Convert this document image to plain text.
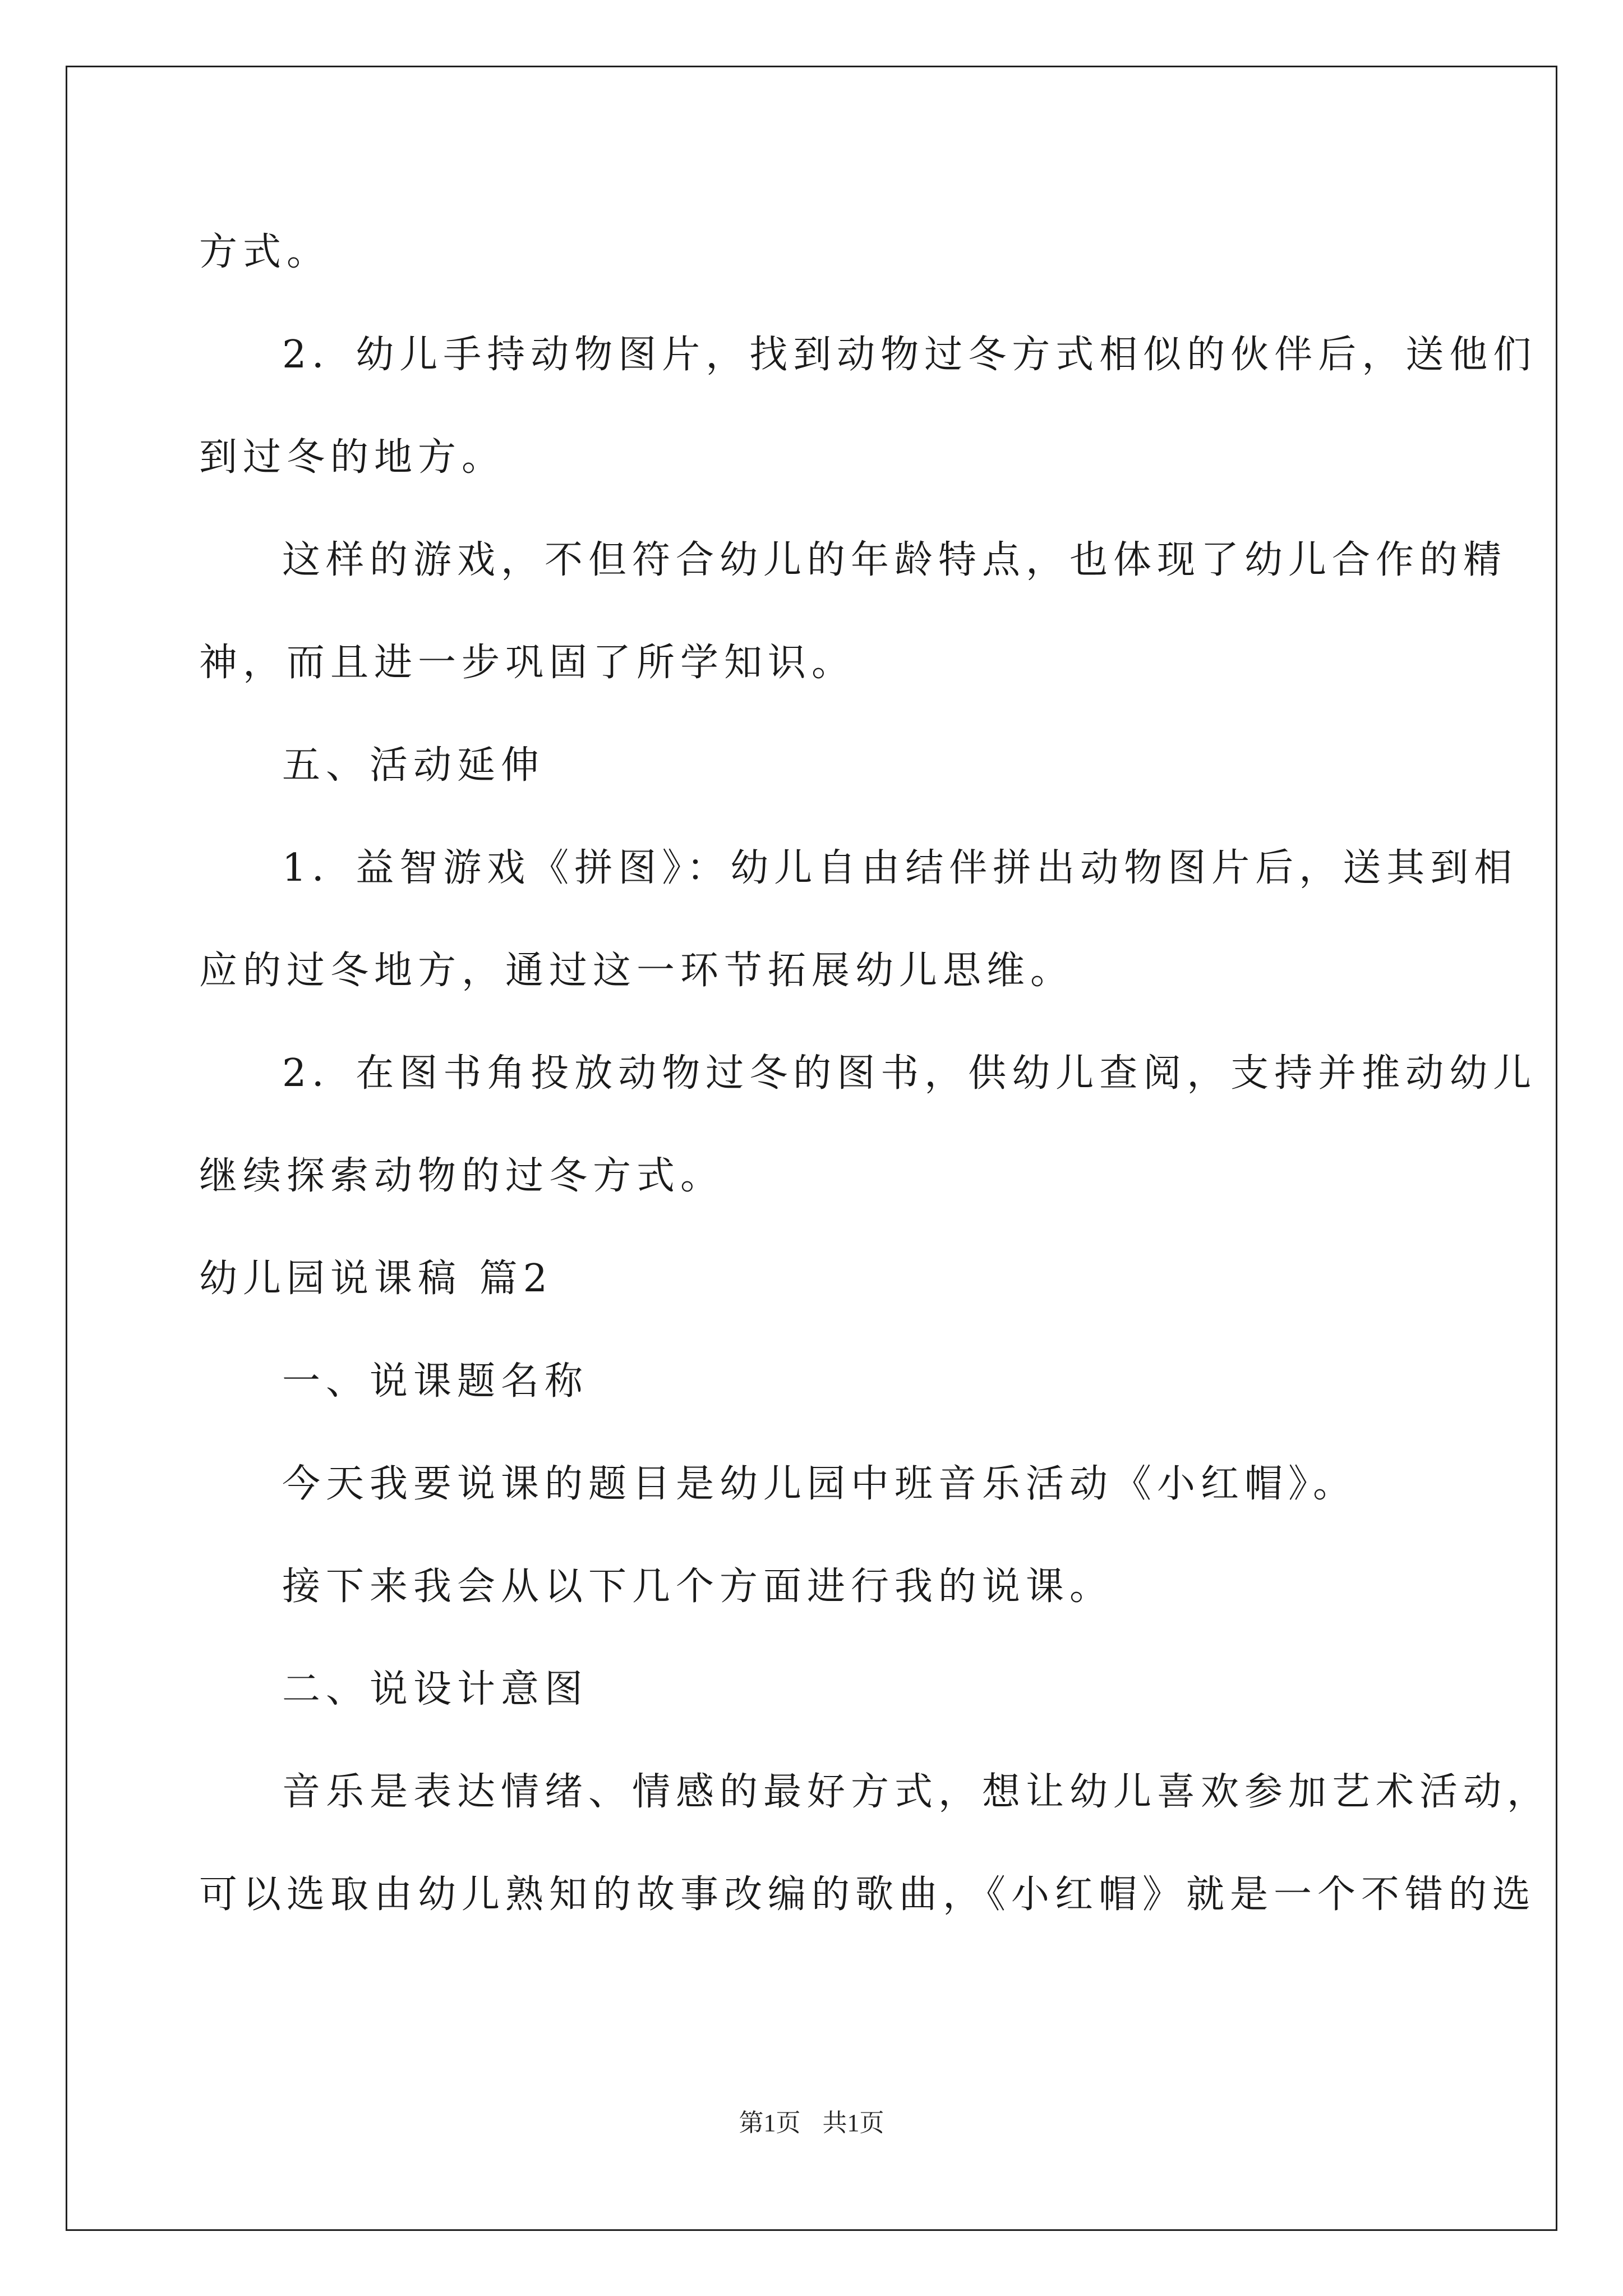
方式。
2．幼儿手持动物图片，找到动物过冬方式相似的伙伴后，送他们
到过冬的地方。
这样的游戏，不但符合幼儿的年龄特点，也体现了幼儿合作的精
神，而且进一步巩固了所学知识。
五、活动延伸
1．益智游戏《拼图》：幼儿自由结伴拼出动物图片后，送其到相
应的过冬地方，通过这一环节拓展幼儿思维。
2．在图书角投放动物过冬的图书，供幼儿查阅，支持并推动幼儿
继续探索动物的过冬方式。
幼儿园说课稿 篇2
一、说课题名称
今天我要说课的题目是幼儿园中班音乐活动《小红帽》。
接下来我会从以下几个方面进行我的说课。
二、说设计意图
音乐是表达情绪、情感的最好方式，想让幼儿喜欢参加艺术活动，
可以选取由幼儿熟知的故事改编的歌曲，《小红帽》就是一个不错的选
第1页 共1页
